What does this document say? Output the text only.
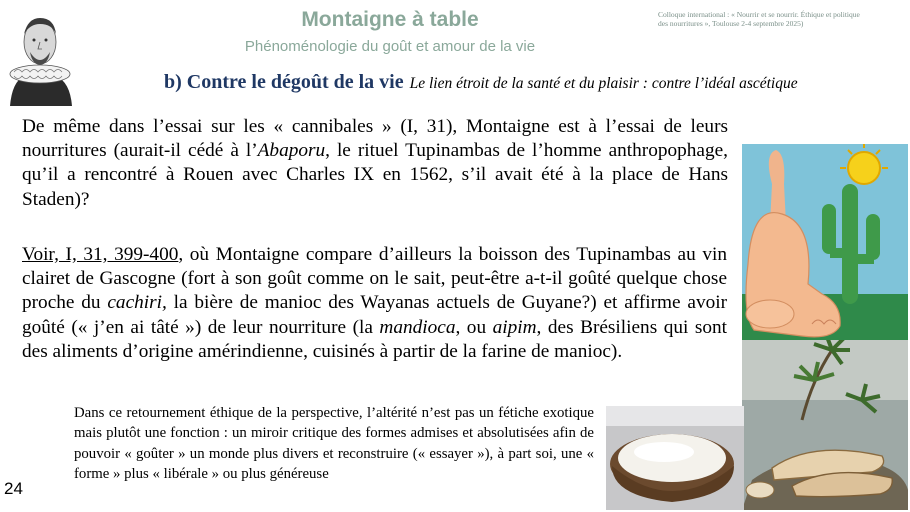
Montaigne à table
Phénoménologie du goût et amour de la vie
Colloque international : « Nourrir et se nourrir. Éthique et politique
des nourritures », Toulouse 2-4 septembre 2025)
b) Contre le dégoût de la vie Le lien étroit de la santé et du plaisir : contre l’idéal ascétique
De même dans l’essai sur les « cannibales » (I, 31), Montaigne est à l’essai de leurs nourritures (aurait-il cédé à l’Abaporu, le rituel Tupinambas de l’homme anthropophage, qu’il a rencontré à Rouen avec Charles IX en 1562, s’il avait été à la place de Hans Staden)?
Voir, I, 31, 399-400, où Montaigne compare d’ailleurs la boisson des Tupinambas au vin clairet de Gascogne (fort à son goût comme on le sait, peut-être a-t-il goûté quelque chose proche du cachiri, la bière de manioc des Wayanas actuels de Guyane?) et affirme avoir goûté (« j’en ai tâté ») de leur nourriture (la mandioca, ou aipim, des Brésiliens qui sont des aliments d’origine amérindienne, cuisinés à partir de la farine de manioc).
Dans ce retournement éthique de la perspective, l’altérité n’est pas un fétiche exotique mais plutôt une fonction : un miroir critique des formes admises et absolutisées afin de pouvoir « goûter » un monde plus divers et reconstruire (« essayer »), à part soi, une « forme » plus « libérale » ou plus généreuse
24
